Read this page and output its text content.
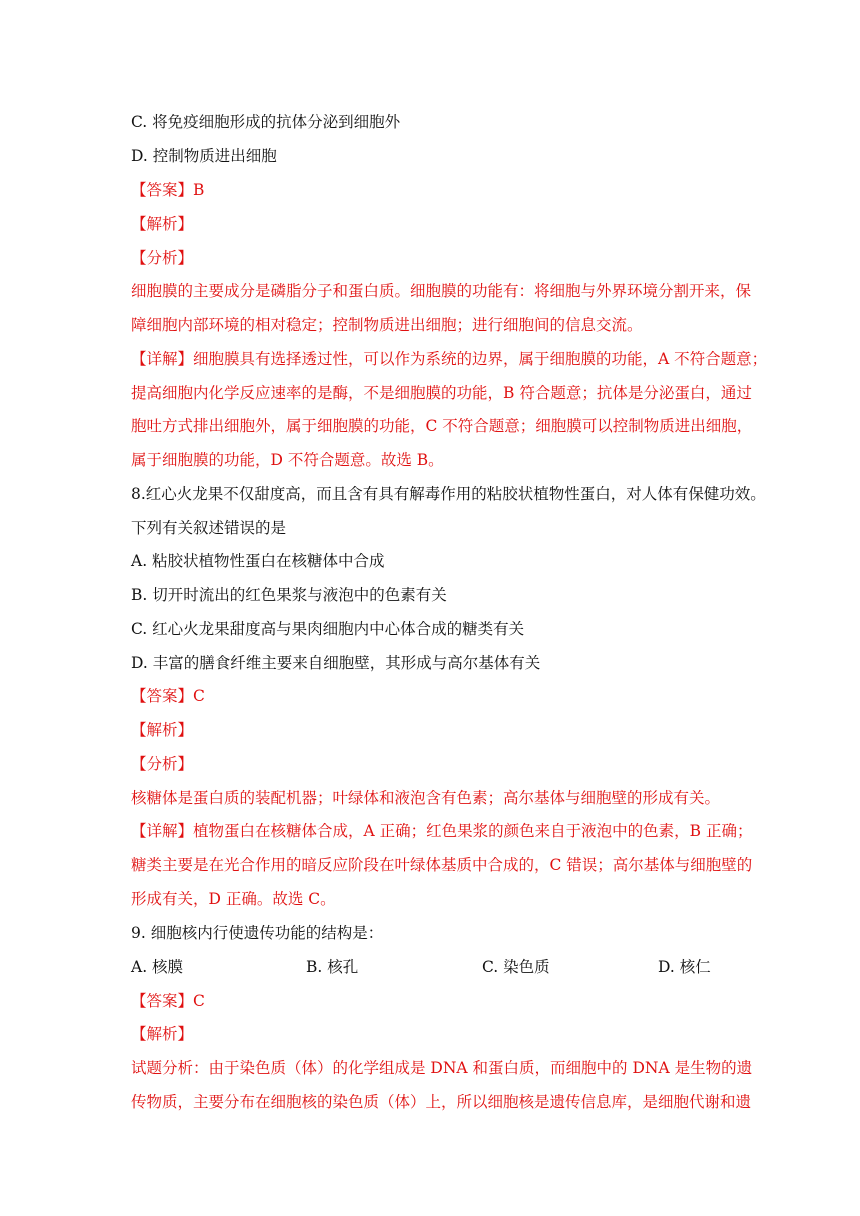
C. 将免疫细胞形成的抗体分泌到细胞外
D. 控制物质进出细胞
【答案】B
【解析】
【分析】
细胞膜的主要成分是磷脂分子和蛋白质。细胞膜的功能有：将细胞与外界环境分割开来，保
障细胞内部环境的相对稳定；控制物质进出细胞；进行细胞间的信息交流。
【详解】细胞膜具有选择透过性，可以作为系统的边界，属于细胞膜的功能，A 不符合题意；
提高细胞内化学反应速率的是酶，不是细胞膜的功能，B 符合题意；抗体是分泌蛋白，通过
胞吐方式排出细胞外，属于细胞膜的功能，C 不符合题意；细胞膜可以控制物质进出细胞，
属于细胞膜的功能，D 不符合题意。故选 B。
8.红心火龙果不仅甜度高，而且含有具有解毒作用的粘胶状植物性蛋白，对人体有保健功效。
下列有关叙述错误的是
A. 粘胶状植物性蛋白在核糖体中合成
B. 切开时流出的红色果浆与液泡中的色素有关
C. 红心火龙果甜度高与果肉细胞内中心体合成的糖类有关
D. 丰富的膳食纤维主要来自细胞壁，其形成与高尔基体有关
【答案】C
【解析】
【分析】
核糖体是蛋白质的装配机器；叶绿体和液泡含有色素；高尔基体与细胞壁的形成有关。
【详解】植物蛋白在核糖体合成，A 正确；红色果浆的颜色来自于液泡中的色素，B 正确；
糖类主要是在光合作用的暗反应阶段在叶绿体基质中合成的，C 错误；高尔基体与细胞壁的
形成有关，D 正确。故选 C。
9. 细胞核内行使遗传功能的结构是：
A. 核膜	B. 核孔	C. 染色质	D. 核仁
【答案】C
【解析】
试题分析：由于染色质（体）的化学组成是 DNA 和蛋白质，而细胞中的 DNA 是生物的遗
传物质，主要分布在细胞核的染色质（体）上，所以细胞核是遗传信息库，是细胞代谢和遗
